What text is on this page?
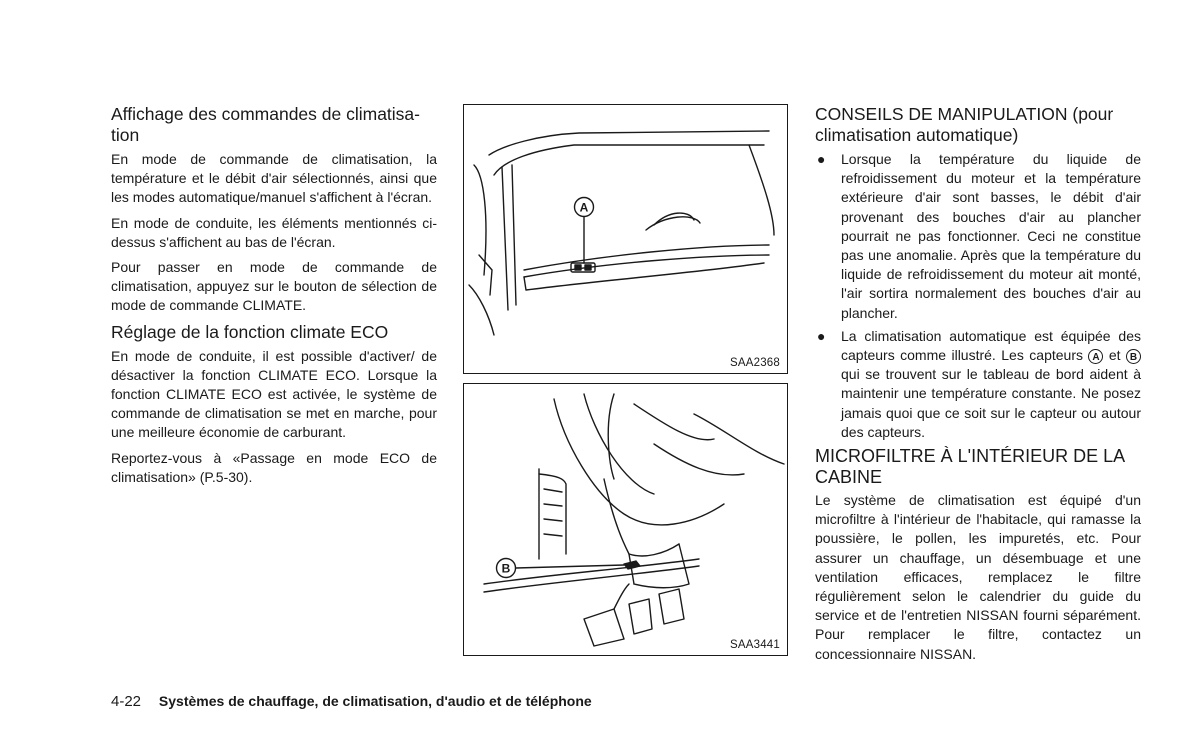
Affichage des commandes de climatisa-tion

En mode de commande de climatisation, la température et le débit d'air sélectionnés, ainsi que les modes automatique/manuel s'affichent à l'écran.

En mode de conduite, les éléments mentionnés ci-dessus s'affichent au bas de l'écran.

Pour passer en mode de commande de climatisation, appuyez sur le bouton de sélection de mode de commande CLIMATE.

Réglage de la fonction climate ECO

En mode de conduite, il est possible d'activer/ de désactiver la fonction CLIMATE ECO. Lorsque la fonction CLIMATE ECO est activée, le système de commande de climatisation se met en marche, pour une meilleure économie de carburant.

Reportez-vous à «Passage en mode ECO de climatisation» (P.5-30).

A
SAA2368
B
SAA3441
CONSEILS DE MANIPULATION (pour climatisation automatique)
● Lorsque la température du liquide de refroidissement du moteur et la température extérieure d'air sont basses, le débit d'air provenant des bouches d'air au plancher pourrait ne pas fonctionner. Ceci ne constitue pas une anomalie. Après que la température du liquide de refroidissement du moteur ait monté, l'air sortira normalement des bouches d'air au plancher.
● La climatisation automatique est équipée des capteurs comme illustré. Les capteurs A et B qui se trouvent sur le tableau de bord aident à maintenir une température constante. Ne posez jamais quoi que ce soit sur le capteur ou autour des capteurs.
MICROFILTRE À L'INTÉRIEUR DE LA CABINE

Le système de climatisation est équipé d'un microfiltre à l'intérieur de l'habitacle, qui ramasse la poussière, le pollen, les impuretés, etc. Pour assurer un chauffage, un désembuage et une ventilation efficaces, remplacez le filtre régulièrement selon le calendrier du guide du service et de l'entretien NISSAN fourni séparément. Pour remplacer le filtre, contactez un concessionnaire NISSAN.

4-22 Systèmes de chauffage, de climatisation, d'audio et de téléphone
